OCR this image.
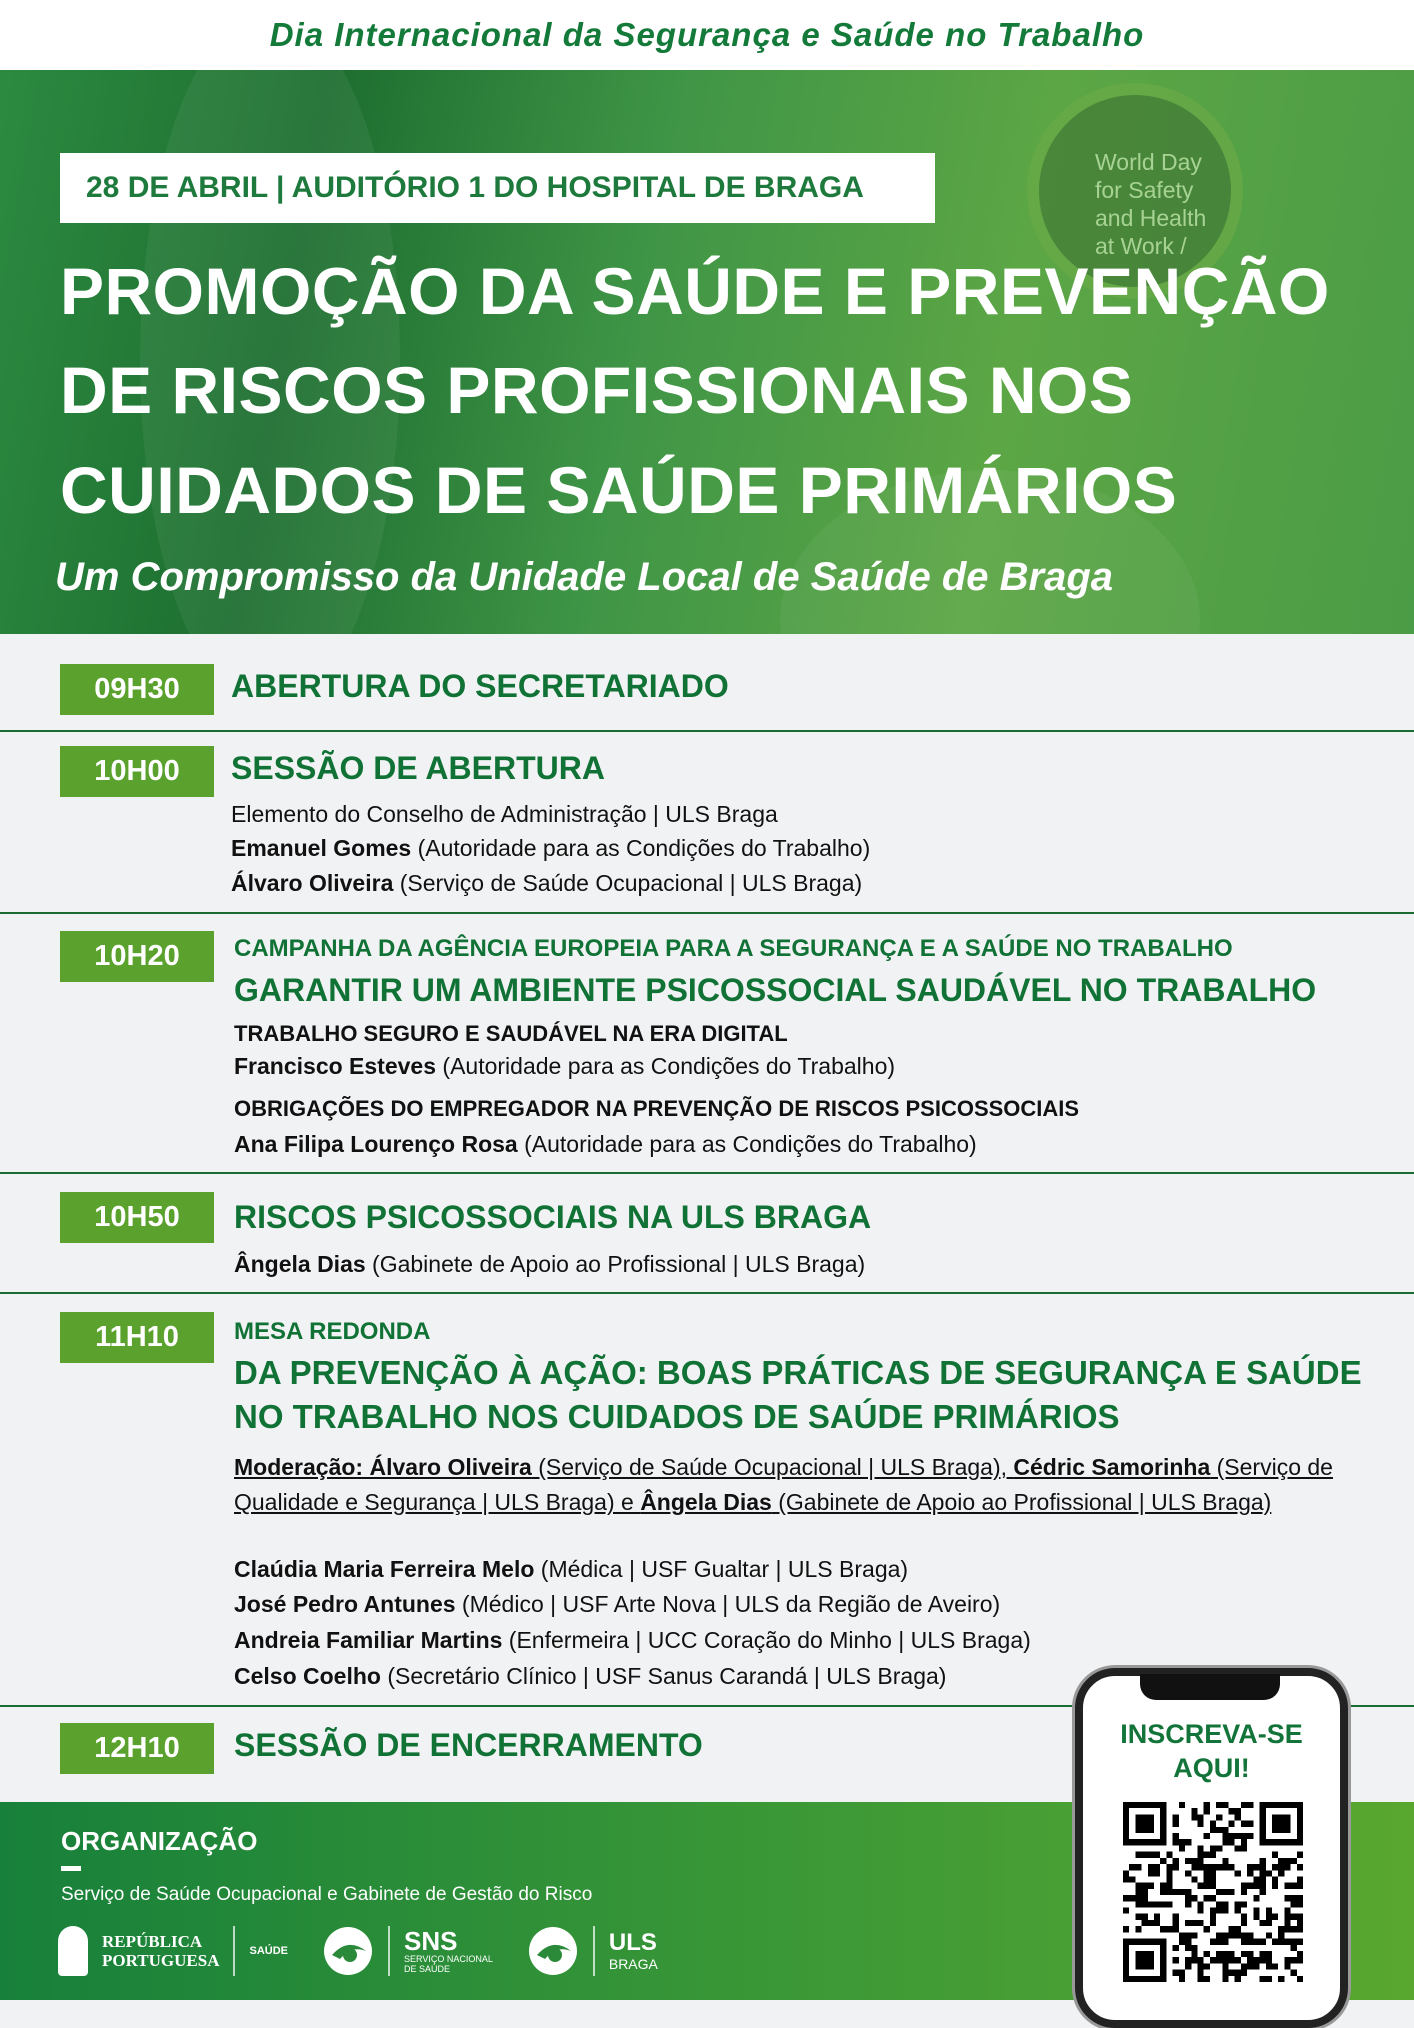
Dia Internacional da Segurança e Saúde no Trabalho
World Day
for Safety
and Health
at Work /
28 DE ABRIL | AUDITÓRIO 1 DO HOSPITAL DE BRAGA
PROMOÇÃO DA SAÚDE E PREVENÇÃO
DE RISCOS PROFISSIONAIS NOS
CUIDADOS DE SAÚDE PRIMÁRIOS
Um Compromisso da Unidade Local de Saúde de Braga
09H30	ABERTURA DO SECRETARIADO
10H00	SESSÃO DE ABERTURA
Elemento do Conselho de Administração | ULS Braga
Emanuel Gomes (Autoridade para as Condições do Trabalho)
Álvaro Oliveira (Serviço de Saúde Ocupacional | ULS Braga)
10H20	CAMPANHA DA AGÊNCIA EUROPEIA PARA A SEGURANÇA E A SAÚDE NO TRABALHO
GARANTIR UM AMBIENTE PSICOSSOCIAL SAUDÁVEL NO TRABALHO
TRABALHO SEGURO E SAUDÁVEL NA ERA DIGITAL
Francisco Esteves (Autoridade para as Condições do Trabalho)
OBRIGAÇÕES DO EMPREGADOR NA PREVENÇÃO DE RISCOS PSICOSSOCIAIS
Ana Filipa Lourenço Rosa (Autoridade para as Condições do Trabalho)
10H50	RISCOS PSICOSSOCIAIS NA ULS BRAGA
Ângela Dias (Gabinete de Apoio ao Profissional | ULS Braga)
11H10	MESA REDONDA
DA PREVENÇÃO À AÇÃO: BOAS PRÁTICAS DE SEGURANÇA E SAÚDE
NO TRABALHO NOS CUIDADOS DE SAÚDE PRIMÁRIOS
Moderação: Álvaro Oliveira (Serviço de Saúde Ocupacional | ULS Braga), Cédric Samorinha (Serviço de Qualidade e Segurança | ULS Braga) e Ângela Dias (Gabinete de Apoio ao Profissional | ULS Braga)
Claúdia Maria Ferreira Melo (Médica | USF Gualtar | ULS Braga)
José Pedro Antunes (Médico | USF Arte Nova | ULS da Região de Aveiro)
Andreia Familiar Martins (Enfermeira | UCC Coração do Minho | ULS Braga)
Celso Coelho (Secretário Clínico | USF Sanus Carandá | ULS Braga)
12H10	SESSÃO DE ENCERRAMENTO
ORGANIZAÇÃO
Serviço de Saúde Ocupacional e Gabinete de Gestão do Risco
REPÚBLICA
PORTUGUESA	SAÚDE	SNS
SERVIÇO NACIONAL
DE SAÚDE
ULS
BRAGA
INSCREVA-SE
AQUI!
